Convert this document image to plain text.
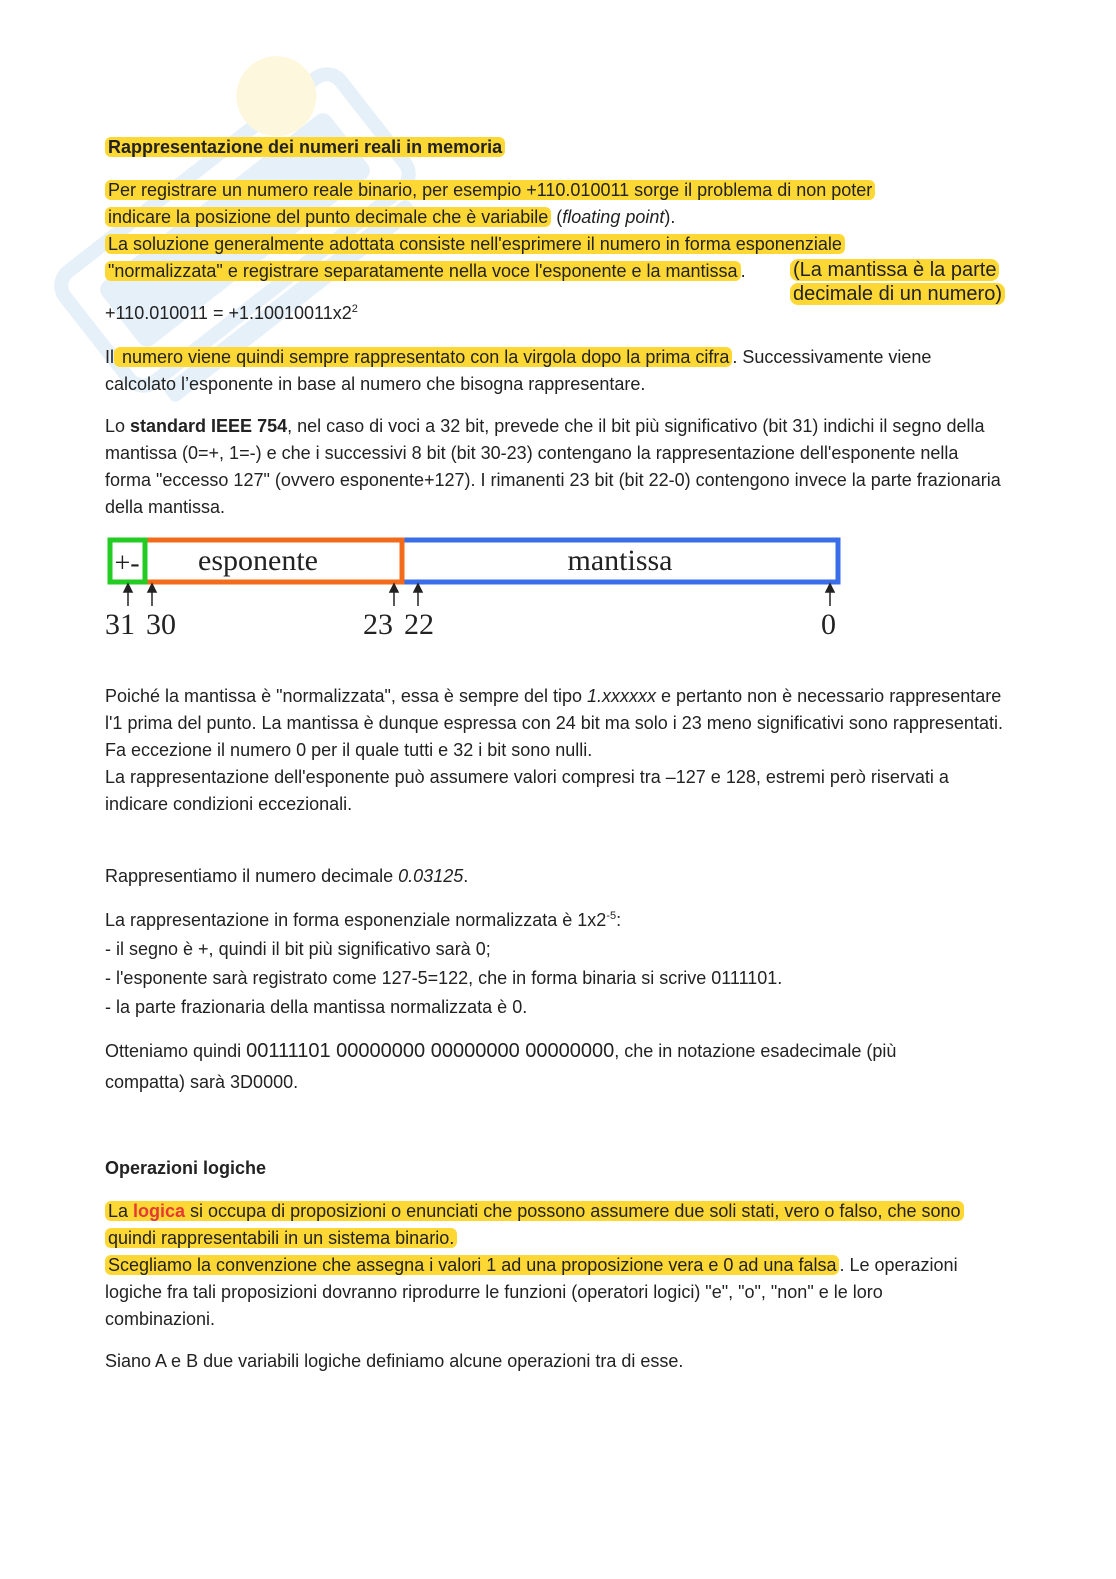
Rappresentazione dei numeri reali in memoria

Per registrare un numero reale binario, per esempio +110.010011 sorge il problema di non poter
indicare la posizione del punto decimale che è variabile (floating point).
La soluzione generalmente adottata consiste nell'esprimere il numero in forma esponenziale
"normalizzata" e registrare separatamente nella voce l'esponente e la mantissa .	(La mantissa è la parte decimale di un numero)

$+110.010011 = +1.10010011x2^2$

Il numero viene quindi sempre rappresentato con la virgola dopo la prima cifra . Successivamente viene calcolato l’esponente in base al numero che bisogna rappresentare.

Lo standard IEEE 754, nel caso di voci a 32 bit, prevede che il bit più significativo (bit 31) indichi il segno della mantissa (0=+, 1=-) e che i successivi 8 bit (bit 30-23) contengano la rappresentazione dell'esponente nella forma "eccesso 127" (ovvero esponente+127). I rimanenti 23 bit (bit 22-0) contengono invece la parte frazionaria della mantissa.

+- esponente	mantissa
31 30	23 22	0

Poiché la mantissa è "normalizzata", essa è sempre del tipo 1.xxxxxx e pertanto non è necessario rappresentare l'1 prima del punto. La mantissa è dunque espressa con 24 bit ma solo i 23 meno significativi sono rappresentati.
Fa eccezione il numero 0 per il quale tutti e 32 i bit sono nulli.
La rappresentazione dell'esponente può assumere valori compresi tra –127 e 128, estremi però riservati a indicare condizioni eccezionali.

Rappresentiamo il numero decimale 0.03125.

La rappresentazione in forma esponenziale normalizzata è $1x2^{-5}$:
- il segno è +, quindi il bit più significativo sarà 0;
- l'esponente sarà registrato come 127-5=122, che in forma binaria si scrive 0111101.
- la parte frazionaria della mantissa normalizzata è 0.

Otteniamo quindi 00111101 00000000 00000000 00000000, che in notazione esadecimale (più compatta) sarà 3D0000.

Operazioni logiche

La logica si occupa di proposizioni o enunciati che possono assumere due soli stati, vero o falso, che sono quindi rappresentabili in un sistema binario.
Scegliamo la convenzione che assegna i valori 1 ad una proposizione vera e 0 ad una falsa . Le operazioni logiche fra tali proposizioni dovranno riprodurre le funzioni (operatori logici) "e", "o", "non" e le loro combinazioni.

Siano A e B due variabili logiche definiamo alcune operazioni tra di esse.
